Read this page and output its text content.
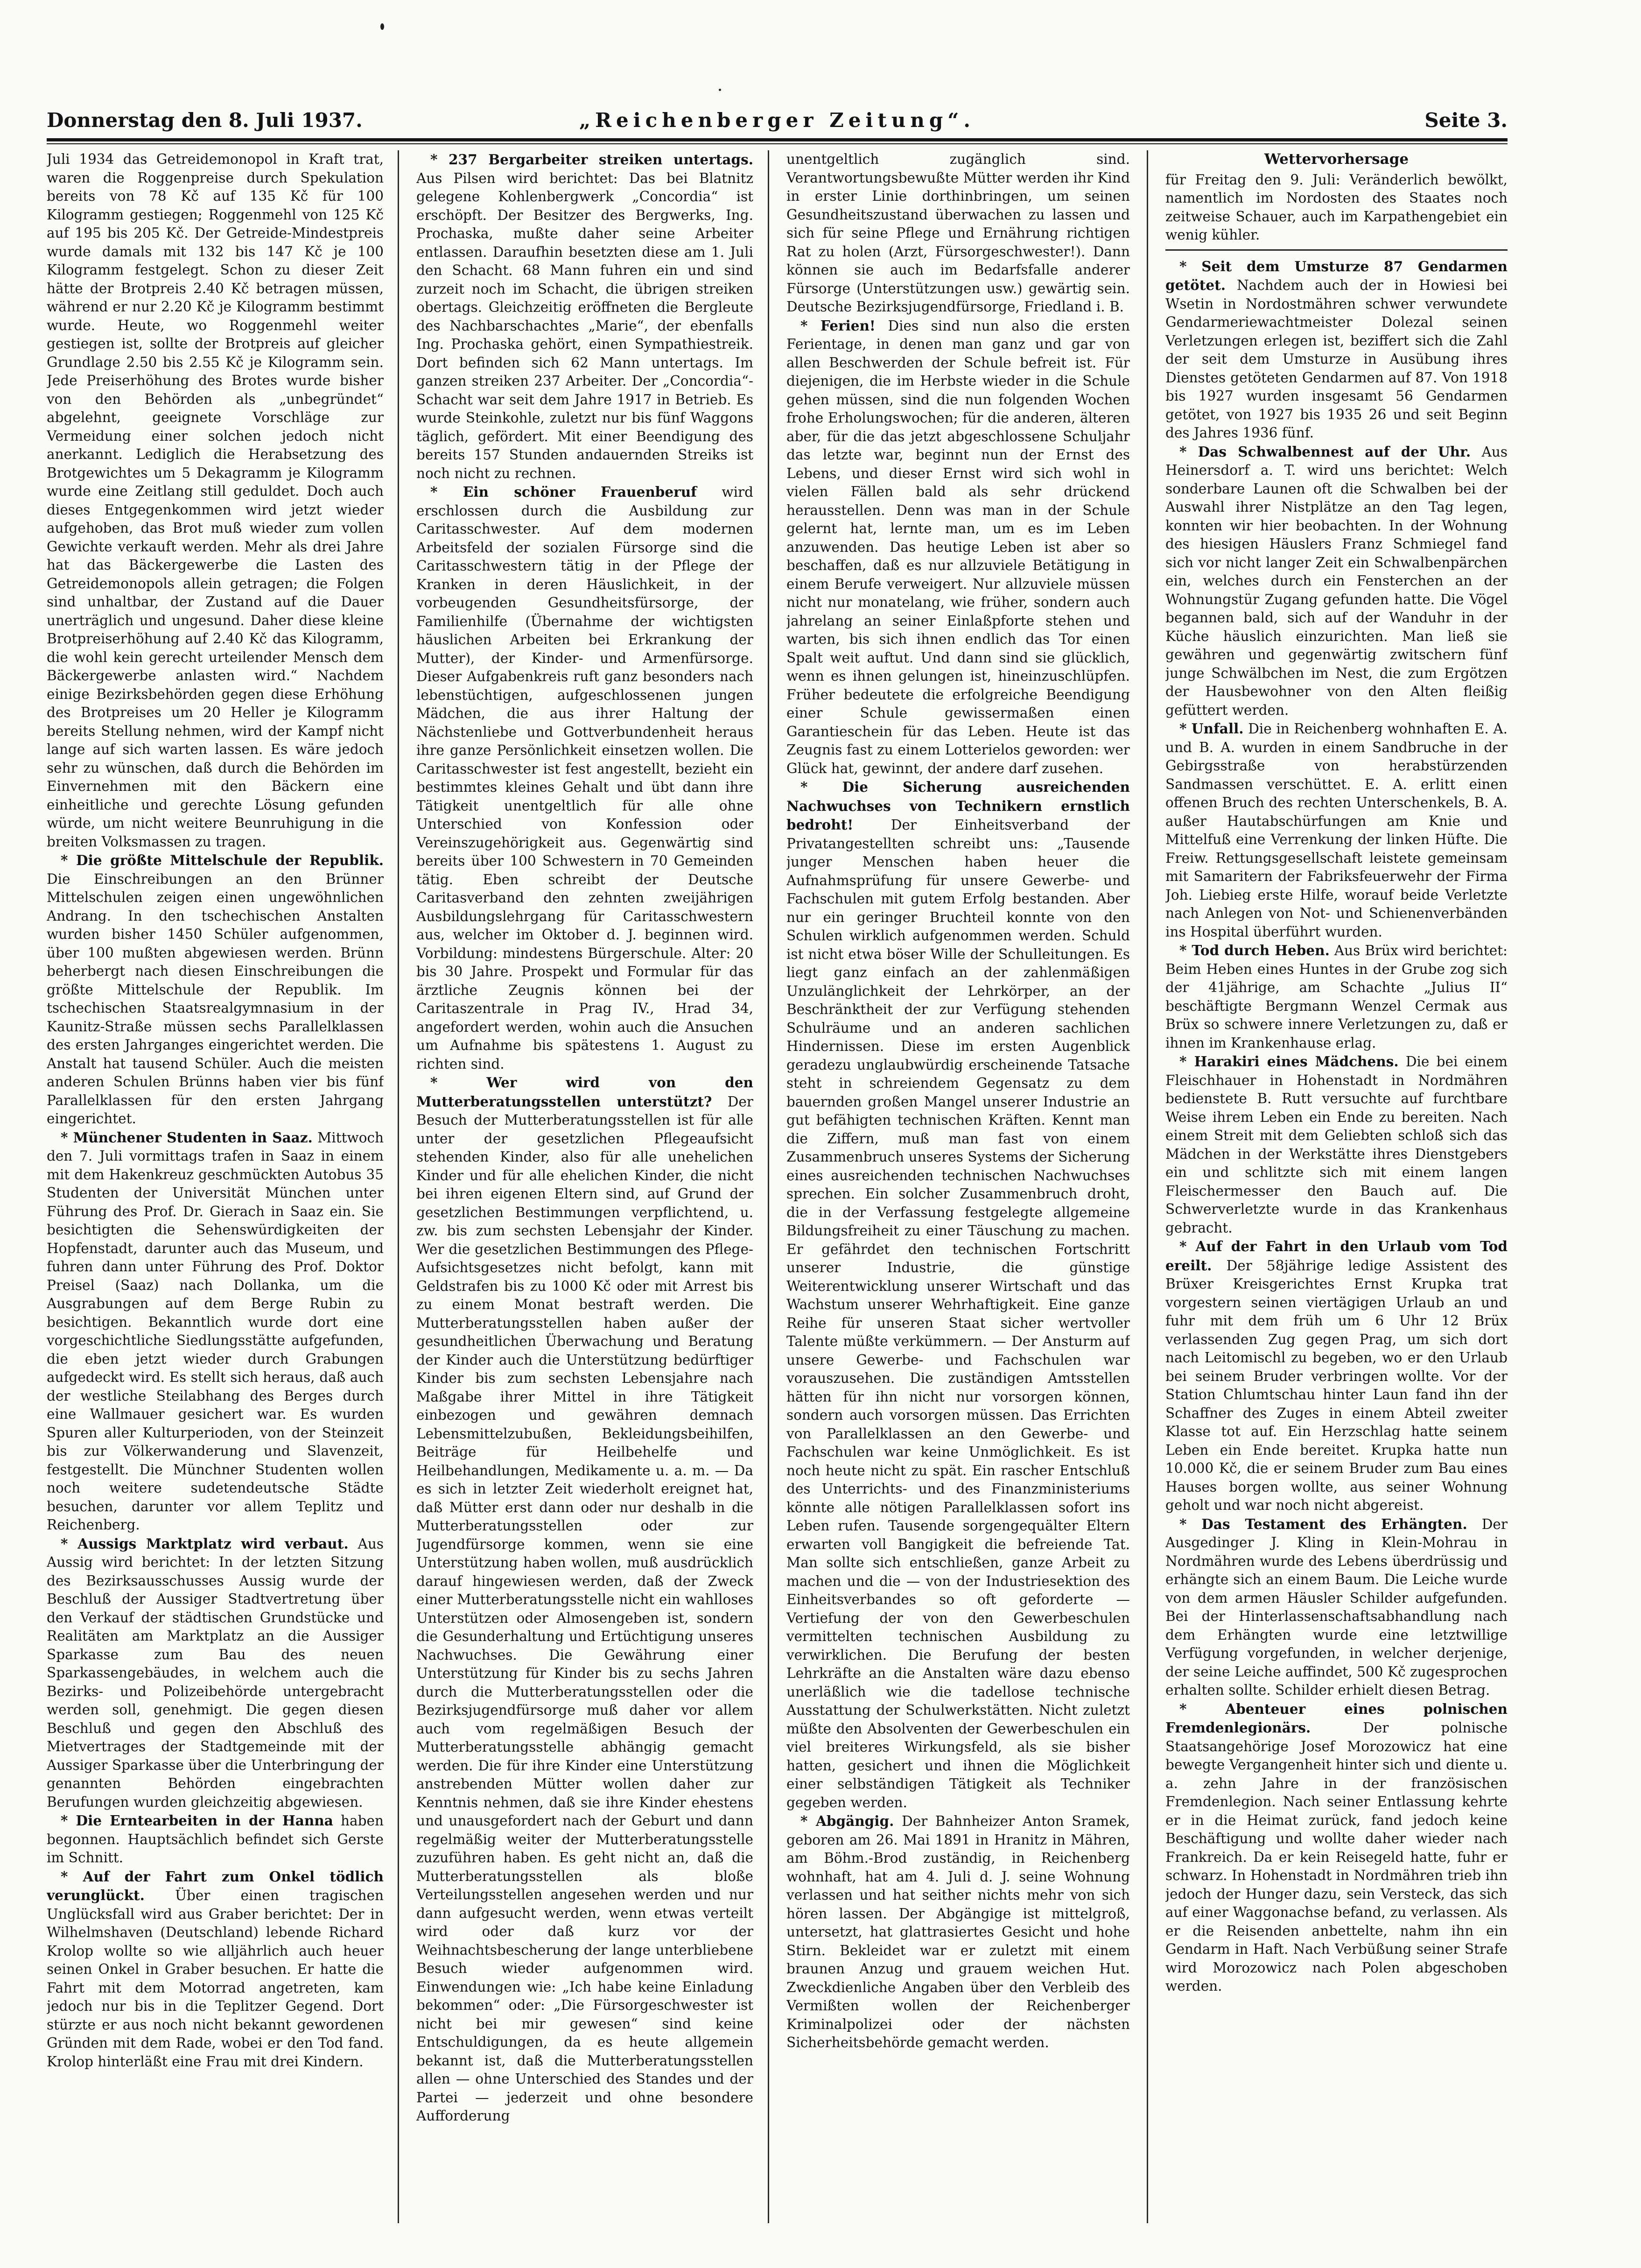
Donnerstag den 8. Juli 1937.	„Reichenberger Zeitung“.	Seite 3.

Juli 1934 das Getreidemonopol in Kraft trat, waren die Roggenpreise durch Spekulation bereits von 78 Kč auf 135 Kč für 100 Kilogramm gestiegen; Roggenmehl von 125 Kč auf 195 bis 205 Kč. Der Getreide-Mindestpreis wurde damals mit 132 bis 147 Kč je 100 Kilogramm festgelegt. Schon zu dieser Zeit hätte der Brotpreis 2.40 Kč betragen müssen, während er nur 2.20 Kč je Kilogramm bestimmt wurde. Heute, wo Roggenmehl weiter gestiegen ist, sollte der Brotpreis auf gleicher Grundlage 2.50 bis 2.55 Kč je Kilogramm sein. Jede Preiserhöhung des Brotes wurde bisher von den Behörden als „unbegründet“ abgelehnt, geeignete Vorschläge zur Vermeidung einer solchen jedoch nicht anerkannt. Lediglich die Herabsetzung des Brotgewichtes um 5 Dekagramm je Kilogramm wurde eine Zeitlang still geduldet. Doch auch dieses Entgegenkommen wird jetzt wieder aufgehoben, das Brot muß wieder zum vollen Gewichte verkauft werden. Mehr als drei Jahre hat das Bäckergewerbe die Lasten des Getreidemonopols allein getragen; die Folgen sind unhaltbar, der Zustand auf die Dauer unerträglich und ungesund. Daher diese kleine Brotpreiserhöhung auf 2.40 Kč das Kilogramm, die wohl kein gerecht urteilender Mensch dem Bäckergewerbe anlasten wird.“ Nachdem einige Bezirksbehörden gegen diese Erhöhung des Brotpreises um 20 Heller je Kilogramm bereits Stellung nehmen, wird der Kampf nicht lange auf sich warten lassen. Es wäre jedoch sehr zu wünschen, daß durch die Behörden im Einvernehmen mit den Bäckern eine einheitliche und gerechte Lösung gefunden würde, um nicht weitere Beunruhigung in die breiten Volksmassen zu tragen.

* Die größte Mittelschule der Republik. Die Einschreibungen an den Brünner Mittelschulen zeigen einen ungewöhnlichen Andrang. In den tschechischen Anstalten wurden bisher 1450 Schüler aufgenommen, über 100 mußten abgewiesen werden. Brünn beherbergt nach diesen Einschreibungen die größte Mittelschule der Republik. Im tschechischen Staatsrealgymnasium in der Kaunitz-Straße müssen sechs Parallelklassen des ersten Jahrganges eingerichtet werden. Die Anstalt hat tausend Schüler. Auch die meisten anderen Schulen Brünns haben vier bis fünf Parallelklassen für den ersten Jahrgang eingerichtet.

* Münchener Studenten in Saaz. Mittwoch den 7. Juli vormittags trafen in Saaz in einem mit dem Hakenkreuz geschmückten Autobus 35 Studenten der Universität München unter Führung des Prof. Dr. Gierach in Saaz ein. Sie besichtigten die Sehenswürdigkeiten der Hopfenstadt, darunter auch das Museum, und fuhren dann unter Führung des Prof. Doktor Preisel (Saaz) nach Dollanka, um die Ausgrabungen auf dem Berge Rubin zu besichtigen. Bekanntlich wurde dort eine vorgeschichtliche Siedlungsstätte aufgefunden, die eben jetzt wieder durch Grabungen aufgedeckt wird. Es stellt sich heraus, daß auch der westliche Steilabhang des Berges durch eine Wallmauer gesichert war. Es wurden Spuren aller Kulturperioden, von der Steinzeit bis zur Völkerwanderung und Slavenzeit, festgestellt. Die Münchner Studenten wollen noch weitere sudetendeutsche Städte besuchen, darunter vor allem Teplitz und Reichenberg.

* Aussigs Marktplatz wird verbaut. Aus Aussig wird berichtet: In der letzten Sitzung des Bezirksausschusses Aussig wurde der Beschluß der Aussiger Stadtvertretung über den Verkauf der städtischen Grundstücke und Realitäten am Marktplatz an die Aussiger Sparkasse zum Bau des neuen Sparkassengebäudes, in welchem auch die Bezirks- und Polizeibehörde untergebracht werden soll, genehmigt. Die gegen diesen Beschluß und gegen den Abschluß des Mietvertrages der Stadtgemeinde mit der Aussiger Sparkasse über die Unterbringung der genannten Behörden eingebrachten Berufungen wurden gleichzeitig abgewiesen.

* Die Erntearbeiten in der Hanna haben begonnen. Hauptsächlich befindet sich Gerste im Schnitt.

* Auf der Fahrt zum Onkel tödlich verunglückt. Über einen tragischen Unglücksfall wird aus Graber berichtet: Der in Wilhelmshaven (Deutschland) lebende Richard Krolop wollte so wie alljährlich auch heuer seinen Onkel in Graber besuchen. Er hatte die Fahrt mit dem Motorrad angetreten, kam jedoch nur bis in die Teplitzer Gegend. Dort stürzte er aus noch nicht bekannt gewordenen Gründen mit dem Rade, wobei er den Tod fand. Krolop hinterläßt eine Frau mit drei Kindern.

* 237 Bergarbeiter streiken untertags. Aus Pilsen wird berichtet: Das bei Blatnitz gelegene Kohlenbergwerk „Concordia“ ist erschöpft. Der Besitzer des Bergwerks, Ing. Prochaska, mußte daher seine Arbeiter entlassen. Daraufhin besetzten diese am 1. Juli den Schacht. 68 Mann fuhren ein und sind zurzeit noch im Schacht, die übrigen streiken obertags. Gleichzeitig eröffneten die Bergleute des Nachbarschachtes „Marie“, der ebenfalls Ing. Prochaska gehört, einen Sympathiestreik. Dort befinden sich 62 Mann untertags. Im ganzen streiken 237 Arbeiter. Der „Concordia“-Schacht war seit dem Jahre 1917 in Betrieb. Es wurde Steinkohle, zuletzt nur bis fünf Waggons täglich, gefördert. Mit einer Beendigung des bereits 157 Stunden andauernden Streiks ist noch nicht zu rechnen.

* Ein schöner Frauenberuf wird erschlossen durch die Ausbildung zur Caritasschwester. Auf dem modernen Arbeitsfeld der sozialen Fürsorge sind die Caritasschwestern tätig in der Pflege der Kranken in deren Häuslichkeit, in der vorbeugenden Gesundheitsfürsorge, der Familienhilfe (Übernahme der wichtigsten häuslichen Arbeiten bei Erkrankung der Mutter), der Kinder- und Armenfürsorge. Dieser Aufgabenkreis ruft ganz besonders nach lebenstüchtigen, aufgeschlossenen jungen Mädchen, die aus ihrer Haltung der Nächstenliebe und Gottverbundenheit heraus ihre ganze Persönlichkeit einsetzen wollen. Die Caritasschwester ist fest angestellt, bezieht ein bestimmtes kleines Gehalt und übt dann ihre Tätigkeit unentgeltlich für alle ohne Unterschied von Konfession oder Vereinszugehörigkeit aus. Gegenwärtig sind bereits über 100 Schwestern in 70 Gemeinden tätig. Eben schreibt der Deutsche Caritasverband den zehnten zweijährigen Ausbildungslehrgang für Caritasschwestern aus, welcher im Oktober d. J. beginnen wird. Vorbildung: mindestens Bürgerschule. Alter: 20 bis 30 Jahre. Prospekt und Formular für das ärztliche Zeugnis können bei der Caritaszentrale in Prag IV., Hrad 34, angefordert werden, wohin auch die Ansuchen um Aufnahme bis spätestens 1. August zu richten sind.

* Wer wird von den Mutterberatungsstellen unterstützt? Der Besuch der Mutterberatungsstellen ist für alle unter der gesetzlichen Pflegeaufsicht stehenden Kinder, also für alle unehelichen Kinder und für alle ehelichen Kinder, die nicht bei ihren eigenen Eltern sind, auf Grund der gesetzlichen Bestimmungen verpflichtend, u. zw. bis zum sechsten Lebensjahr der Kinder. Wer die gesetzlichen Bestimmungen des Pflege-Aufsichtsgesetzes nicht befolgt, kann mit Geldstrafen bis zu 1000 Kč oder mit Arrest bis zu einem Monat bestraft werden. Die Mutterberatungsstellen haben außer der gesundheitlichen Überwachung und Beratung der Kinder auch die Unterstützung bedürftiger Kinder bis zum sechsten Lebensjahre nach Maßgabe ihrer Mittel in ihre Tätigkeit einbezogen und gewähren demnach Lebensmittelzubußen, Bekleidungsbeihilfen, Beiträge für Heilbehelfe und Heilbehandlungen, Medikamente u. a. m. — Da es sich in letzter Zeit wiederholt ereignet hat, daß Mütter erst dann oder nur deshalb in die Mutterberatungsstellen oder zur Jugendfürsorge kommen, wenn sie eine Unterstützung haben wollen, muß ausdrücklich darauf hingewiesen werden, daß der Zweck einer Mutterberatungsstelle nicht ein wahlloses Unterstützen oder Almosengeben ist, sondern die Gesunderhaltung und Ertüchtigung unseres Nachwuchses. Die Gewährung einer Unterstützung für Kinder bis zu sechs Jahren durch die Mutterberatungsstellen oder die Bezirksjugendfürsorge muß daher vor allem auch vom regelmäßigen Besuch der Mutterberatungsstelle abhängig gemacht werden. Die für ihre Kinder eine Unterstützung anstrebenden Mütter wollen daher zur Kenntnis nehmen, daß sie ihre Kinder ehestens und unausgefordert nach der Geburt und dann regelmäßig weiter der Mutterberatungsstelle zuzuführen haben. Es geht nicht an, daß die Mutterberatungsstellen als bloße Verteilungsstellen angesehen werden und nur dann aufgesucht werden, wenn etwas verteilt wird oder daß kurz vor der Weihnachtsbescherung der lange unterbliebene Besuch wieder aufgenommen wird. Einwendungen wie: „Ich habe keine Einladung bekommen“ oder: „Die Fürsorgeschwester ist nicht bei mir gewesen“ sind keine Entschuldigungen, da es heute allgemein bekannt ist, daß die Mutterberatungsstellen allen — ohne Unterschied des Standes und der Partei — jederzeit und ohne besondere Aufforderung

unentgeltlich zugänglich sind. Verantwortungsbewußte Mütter werden ihr Kind in erster Linie dorthinbringen, um seinen Gesundheitszustand überwachen zu lassen und sich für seine Pflege und Ernährung richtigen Rat zu holen (Arzt, Fürsorgeschwester!). Dann können sie auch im Bedarfsfalle anderer Fürsorge (Unterstützungen usw.) gewärtig sein. Deutsche Bezirksjugendfürsorge, Friedland i. B.

* Ferien! Dies sind nun also die ersten Ferientage, in denen man ganz und gar von allen Beschwerden der Schule befreit ist. Für diejenigen, die im Herbste wieder in die Schule gehen müssen, sind die nun folgenden Wochen frohe Erholungswochen; für die anderen, älteren aber, für die das jetzt abgeschlossene Schuljahr das letzte war, beginnt nun der Ernst des Lebens, und dieser Ernst wird sich wohl in vielen Fällen bald als sehr drückend herausstellen. Denn was man in der Schule gelernt hat, lernte man, um es im Leben anzuwenden. Das heutige Leben ist aber so beschaffen, daß es nur allzuviele Betätigung in einem Berufe verweigert. Nur allzuviele müssen nicht nur monatelang, wie früher, sondern auch jahrelang an seiner Einlaßpforte stehen und warten, bis sich ihnen endlich das Tor einen Spalt weit auftut. Und dann sind sie glücklich, wenn es ihnen gelungen ist, hineinzuschlüpfen. Früher bedeutete die erfolgreiche Beendigung einer Schule gewissermaßen einen Garantieschein für das Leben. Heute ist das Zeugnis fast zu einem Lotterielos geworden: wer Glück hat, gewinnt, der andere darf zusehen.

* Die Sicherung ausreichenden Nachwuchses von Technikern ernstlich bedroht!	Der Einheitsverband der Privatangestellten schreibt uns: „Tausende junger Menschen haben heuer die Aufnahmsprüfung für unsere Gewerbe- und Fachschulen mit gutem Erfolg bestanden. Aber nur ein geringer Bruchteil konnte von den Schulen wirklich aufgenommen werden. Schuld ist nicht etwa böser Wille der Schulleitungen. Es liegt ganz einfach an der zahlenmäßigen Unzulänglichkeit der Lehrkörper, an der Beschränktheit der zur Verfügung stehenden Schulräume und an anderen sachlichen Hindernissen. Diese im ersten Augenblick geradezu unglaubwürdig erscheinende Tatsache steht in schreiendem Gegensatz zu dem bauernden großen Mangel unserer Industrie an gut befähigten technischen Kräften. Kennt man die Ziffern, muß man fast von einem Zusammenbruch unseres Systems der Sicherung eines ausreichenden technischen Nachwuchses sprechen. Ein solcher Zusammenbruch droht, die in der Verfassung festgelegte allgemeine Bildungsfreiheit zu einer Täuschung zu machen. Er gefährdet den technischen Fortschritt unserer Industrie, die günstige Weiterentwicklung unserer Wirtschaft und das Wachstum unserer Wehrhaftigkeit. Eine ganze Reihe für unseren Staat sicher wertvoller Talente müßte verkümmern. — Der Ansturm auf unsere Gewerbe- und Fachschulen war vorauszusehen. Die zuständigen Amtsstellen hätten für ihn nicht nur vorsorgen können, sondern auch vorsorgen müssen. Das Errichten von Parallelklassen an den Gewerbe- und Fachschulen war keine Unmöglichkeit. Es ist noch heute nicht zu spät. Ein rascher Entschluß des Unterrichts- und des Finanzministeriums könnte alle nötigen Parallelklassen sofort ins Leben rufen. Tausende sorgengequälter Eltern erwarten voll Bangigkeit die befreiende Tat. Man sollte sich entschließen, ganze Arbeit zu machen und die — von der Industriesektion des Einheitsverbandes so oft geforderte — Vertiefung der von den Gewerbeschulen vermittelten technischen Ausbildung zu verwirklichen. Die Berufung der besten Lehrkräfte an die Anstalten wäre dazu ebenso unerläßlich wie die tadellose technische Ausstattung der Schulwerkstätten. Nicht zuletzt müßte den Absolventen der Gewerbeschulen ein viel breiteres Wirkungsfeld, als sie bisher hatten, gesichert und ihnen die Möglichkeit einer selbständigen Tätigkeit als Techniker gegeben werden.

* Abgängig. Der Bahnheizer Anton Sramek, geboren am 26. Mai 1891 in Hranitz in Mähren, am Böhm.-Brod zuständig, in Reichenberg wohnhaft, hat am 4. Juli d. J. seine Wohnung verlassen und hat seither nichts mehr von sich hören lassen. Der Abgängige ist mittelgroß, untersetzt, hat glattrasiertes Gesicht und hohe Stirn. Bekleidet war er zuletzt mit einem braunen Anzug und grauem weichen Hut. Zweckdienliche Angaben über den Verbleib des Vermißten wollen der Reichenberger Kriminalpolizei oder der nächsten Sicherheitsbehörde gemacht werden.

Wettervorhersage

für Freitag den 9. Juli: Veränderlich bewölkt, namentlich im Nordosten des Staates noch zeitweise Schauer, auch im Karpathengebiet ein wenig kühler.

* Seit dem Umsturze 87 Gendarmen getötet. Nachdem auch der in Howiesi bei Wsetin in Nordostmähren schwer verwundete Gendarmeriewachtmeister Dolezal seinen Verletzungen erlegen ist, beziffert sich die Zahl der seit dem Umsturze in Ausübung ihres Dienstes getöteten Gendarmen auf 87. Von 1918 bis 1927 wurden insgesamt 56 Gendarmen getötet, von 1927 bis 1935 26 und seit Beginn des Jahres 1936 fünf.

* Das Schwalbennest auf der Uhr. Aus Heinersdorf a. T. wird uns berichtet: Welch sonderbare Launen oft die Schwalben bei der Auswahl ihrer Nistplätze an den Tag legen, konnten wir hier beobachten. In der Wohnung des hiesigen Häuslers Franz Schmiegel fand sich vor nicht langer Zeit ein Schwalbenpärchen ein, welches durch ein Fensterchen an der Wohnungstür Zugang gefunden hatte. Die Vögel begannen bald, sich auf der Wanduhr in der Küche häuslich einzurichten. Man ließ sie gewähren und gegenwärtig zwitschern fünf junge Schwälbchen im Nest, die zum Ergötzen der Hausbewohner von den Alten fleißig gefüttert werden.

* Unfall. Die in Reichenberg wohnhaften E. A. und B. A. wurden in einem Sandbruche in der Gebirgsstraße von herabstürzenden Sandmassen verschüttet. E. A. erlitt einen offenen Bruch des rechten Unterschenkels, B. A. außer Hautabschürfungen am Knie und Mittelfuß eine Verrenkung der linken Hüfte. Die Freiw. Rettungsgesellschaft leistete gemeinsam mit Samaritern der Fabriksfeuerwehr der Firma Joh. Liebieg erste Hilfe, worauf beide Verletzte nach Anlegen von Not- und Schienenverbänden ins Hospital überführt wurden.

* Tod durch Heben. Aus Brüx wird berichtet: Beim Heben eines Huntes in der Grube zog sich der 41jährige, am Schachte „Julius II“ beschäftigte Bergmann Wenzel Cermak aus Brüx so schwere innere Verletzungen zu, daß er ihnen im Krankenhause erlag.

* Harakiri eines Mädchens. Die bei einem Fleischhauer in Hohenstadt in Nordmähren bedienstete B. Rutt versuchte auf furchtbare Weise ihrem Leben ein Ende zu bereiten. Nach einem Streit mit dem Geliebten schloß sich das Mädchen in der Werkstätte ihres Dienstgebers ein und schlitzte sich mit einem langen Fleischermesser den Bauch auf. Die Schwerverletzte wurde in das Krankenhaus gebracht.

* Auf der Fahrt in den Urlaub vom Tod ereilt. Der 58jährige ledige Assistent des Brüxer Kreisgerichtes Ernst Krupka trat vorgestern seinen viertägigen Urlaub an und fuhr mit dem früh um 6 Uhr 12 Brüx verlassenden Zug gegen Prag, um sich dort nach Leitomischl zu begeben, wo er den Urlaub bei seinem Bruder verbringen wollte. Vor der Station Chlumtschau hinter Laun fand ihn der Schaffner des Zuges in einem Abteil zweiter Klasse tot auf. Ein Herzschlag hatte seinem Leben ein Ende bereitet. Krupka hatte nun 10.000 Kč, die er seinem Bruder zum Bau eines Hauses borgen wollte, aus seiner Wohnung geholt und war noch nicht abgereist.

* Das Testament des Erhängten. Der Ausgedinger J. Kling in Klein-Mohrau in Nordmähren wurde des Lebens überdrüssig und erhängte sich an einem Baum. Die Leiche wurde von dem armen Häusler Schilder aufgefunden. Bei der Hinterlassenschaftsabhandlung nach dem Erhängten wurde eine letztwillige Verfügung vorgefunden, in welcher derjenige, der seine Leiche auffindet, 500 Kč zugesprochen erhalten sollte. Schilder erhielt diesen Betrag.

* Abenteuer eines polnischen Fremdenlegionärs.	Der polnische Staatsangehörige Josef Morozowicz hat eine bewegte Vergangenheit hinter sich und diente u. a. zehn Jahre in der französischen Fremdenlegion. Nach seiner Entlassung kehrte er in die Heimat zurück, fand jedoch keine Beschäftigung und wollte daher wieder nach Frankreich. Da er kein Reisegeld hatte, fuhr er schwarz. In Hohenstadt in Nordmähren trieb ihn jedoch der Hunger dazu, sein Versteck, das sich auf einer Waggonachse befand, zu verlassen. Als er die Reisenden anbettelte, nahm ihn ein Gendarm in Haft. Nach Verbüßung seiner Strafe wird Morozowicz nach Polen abgeschoben werden.
